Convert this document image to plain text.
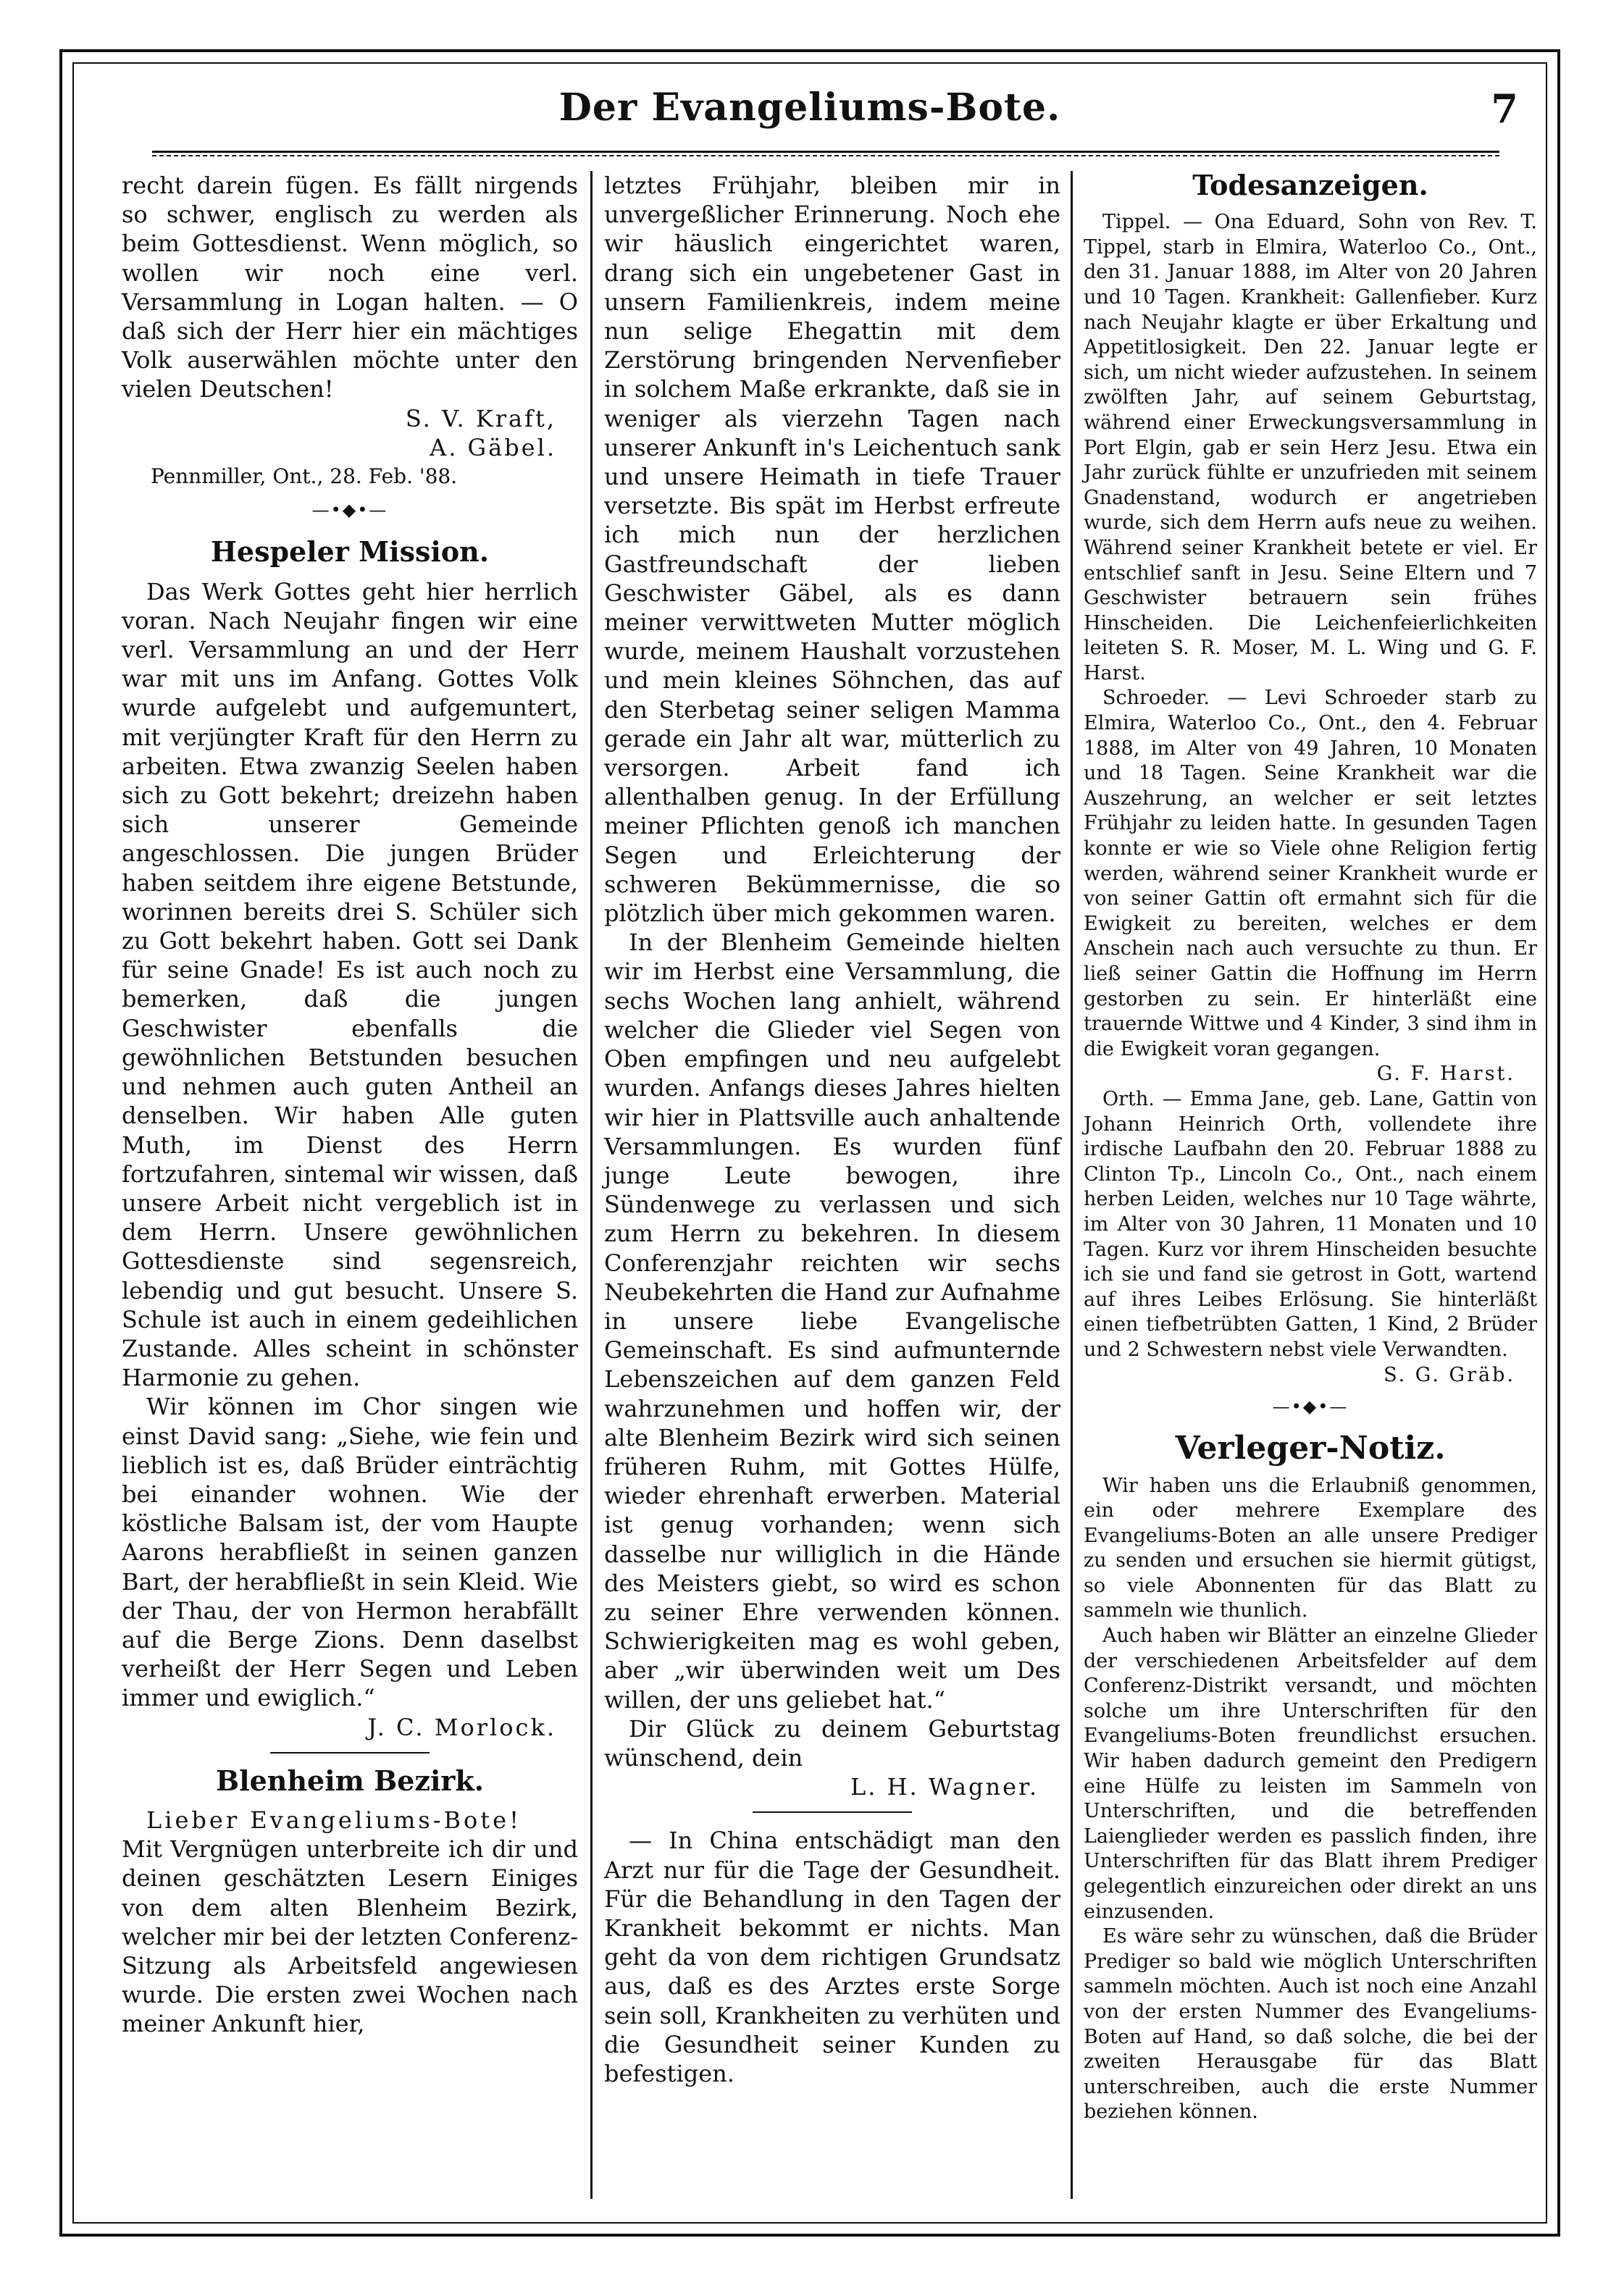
Der Evangeliums-Bote.	7

recht darein fügen. Es fällt nirgends so schwer, englisch zu werden als beim Gottesdienst. Wenn möglich, so wollen wir noch eine verl. Versammlung in Logan halten. — O daß sich der Herr hier ein mächtiges Volk auserwählen möchte unter den vielen Deutschen!

S. V. Kraft,
A. Gäbel.
Pennmiller, Ont., 28. Feb. '88.
—•◆•—
Hespeler Mission.

Das Werk Gottes geht hier herrlich voran. Nach Neujahr fingen wir eine verl. Versammlung an und der Herr war mit uns im Anfang. Gottes Volk wurde aufgelebt und aufgemuntert, mit verjüngter Kraft für den Herrn zu arbeiten. Etwa zwanzig Seelen haben sich zu Gott bekehrt; dreizehn haben sich unserer Gemeinde angeschlossen. Die jungen Brüder haben seitdem ihre eigene Betstunde, worinnen bereits drei S. Schüler sich zu Gott bekehrt haben. Gott sei Dank für seine Gnade! Es ist auch noch zu bemerken, daß die jungen Geschwister ebenfalls die gewöhnlichen Betstunden besuchen und nehmen auch guten Antheil an denselben. Wir haben Alle guten Muth, im Dienst des Herrn fortzufahren, sintemal wir wissen, daß unsere Arbeit nicht vergeblich ist in dem Herrn. Unsere gewöhnlichen Gottesdienste sind segensreich, lebendig und gut besucht. Unsere S. Schule ist auch in einem gedeihlichen Zustande. Alles scheint in schönster Harmonie zu gehen.

Wir können im Chor singen wie einst David sang: „Siehe, wie fein und lieblich ist es, daß Brüder einträchtig bei einander wohnen. Wie der köstliche Balsam ist, der vom Haupte Aarons herabfließt in seinen ganzen Bart, der herabfließt in sein Kleid. Wie der Thau, der von Hermon herabfällt auf die Berge Zions. Denn daselbst verheißt der Herr Segen und Leben immer und ewiglich.“

J. C. Morlock.
Blenheim Bezirk.

Lieber Evangeliums-Bote!

Mit Vergnügen unterbreite ich dir und deinen geschätzten Lesern Einiges von dem alten Blenheim Bezirk, welcher mir bei der letzten Conferenz-Sitzung als Arbeitsfeld angewiesen wurde. Die ersten zwei Wochen nach meiner Ankunft hier,

letztes Frühjahr, bleiben mir in unvergeßlicher Erinnerung. Noch ehe wir häuslich eingerichtet waren, drang sich ein ungebetener Gast in unsern Familienkreis, indem meine nun selige Ehegattin mit dem Zerstörung bringenden Nervenfieber in solchem Maße erkrankte, daß sie in weniger als vierzehn Tagen nach unserer Ankunft in's Leichentuch sank und unsere Heimath in tiefe Trauer versetzte. Bis spät im Herbst erfreute ich mich nun der herzlichen Gastfreundschaft der lieben Geschwister Gäbel, als es dann meiner verwittweten Mutter möglich wurde, meinem Haushalt vorzustehen und mein kleines Söhnchen, das auf den Sterbetag seiner seligen Mamma gerade ein Jahr alt war, mütterlich zu versorgen. Arbeit fand ich allenthalben genug. In der Erfüllung meiner Pflichten genoß ich manchen Segen und Erleichterung der schweren Bekümmernisse, die so plötzlich über mich gekommen waren.

In der Blenheim Gemeinde hielten wir im Herbst eine Versammlung, die sechs Wochen lang anhielt, während welcher die Glieder viel Segen von Oben empfingen und neu aufgelebt wurden. Anfangs dieses Jahres hielten wir hier in Plattsville auch anhaltende Versammlungen. Es wurden fünf junge Leute bewogen, ihre Sündenwege zu verlassen und sich zum Herrn zu bekehren. In diesem Conferenzjahr reichten wir sechs Neubekehrten die Hand zur Aufnahme in unsere liebe Evangelische Gemeinschaft. Es sind aufmunternde Lebenszeichen auf dem ganzen Feld wahrzunehmen und hoffen wir, der alte Blenheim Bezirk wird sich seinen früheren Ruhm, mit Gottes Hülfe, wieder ehrenhaft erwerben. Material ist genug vorhanden; wenn sich dasselbe nur williglich in die Hände des Meisters giebt, so wird es schon zu seiner Ehre verwenden können. Schwierigkeiten mag es wohl geben, aber „wir überwinden weit um Des willen, der uns geliebet hat.“

Dir Glück zu deinem Geburtstag wünschend, dein

L. H. Wagner.

— In China entschädigt man den Arzt nur für die Tage der Gesundheit. Für die Behandlung in den Tagen der Krankheit bekommt er nichts. Man geht da von dem richtigen Grundsatz aus, daß es des Arztes erste Sorge sein soll, Krankheiten zu verhüten und die Gesundheit seiner Kunden zu befestigen.

Todesanzeigen.

Tippel. — Ona Eduard, Sohn von Rev. T. Tippel, starb in Elmira, Waterloo Co., Ont., den 31. Januar 1888, im Alter von 20 Jahren und 10 Tagen. Krankheit: Gallenfieber. Kurz nach Neujahr klagte er über Erkaltung und Appetitlosigkeit. Den 22. Januar legte er sich, um nicht wieder aufzustehen. In seinem zwölften Jahr, auf seinem Geburtstag, während einer Erweckungsversammlung in Port Elgin, gab er sein Herz Jesu. Etwa ein Jahr zurück fühlte er unzufrieden mit seinem Gnadenstand, wodurch er angetrieben wurde, sich dem Herrn aufs neue zu weihen. Während seiner Krankheit betete er viel. Er entschlief sanft in Jesu. Seine Eltern und 7 Geschwister betrauern sein frühes Hinscheiden. Die Leichenfeierlichkeiten leiteten S. R. Moser, M. L. Wing und G. F. Harst.

Schroeder. — Levi Schroeder starb zu Elmira, Waterloo Co., Ont., den 4. Februar 1888, im Alter von 49 Jahren, 10 Monaten und 18 Tagen. Seine Krankheit war die Auszehrung, an welcher er seit letztes Frühjahr zu leiden hatte. In gesunden Tagen konnte er wie so Viele ohne Religion fertig werden, während seiner Krankheit wurde er von seiner Gattin oft ermahnt sich für die Ewigkeit zu bereiten, welches er dem Anschein nach auch versuchte zu thun. Er ließ seiner Gattin die Hoffnung im Herrn gestorben zu sein. Er hinterläßt eine trauernde Wittwe und 4 Kinder, 3 sind ihm in die Ewigkeit voran gegangen.

G. F. Harst.

Orth. — Emma Jane, geb. Lane, Gattin von Johann Heinrich Orth, vollendete ihre irdische Laufbahn den 20. Februar 1888 zu Clinton Tp., Lincoln Co., Ont., nach einem herben Leiden, welches nur 10 Tage währte, im Alter von 30 Jahren, 11 Monaten und 10 Tagen. Kurz vor ihrem Hinscheiden besuchte ich sie und fand sie getrost in Gott, wartend auf ihres Leibes Erlösung. Sie hinterläßt einen tiefbetrübten Gatten, 1 Kind, 2 Brüder und 2 Schwestern nebst viele Verwandten.

S. G. Gräb.
—•◆•—
Verleger-Notiz.

Wir haben uns die Erlaubniß genommen, ein oder mehrere Exemplare des Evangeliums-Boten an alle unsere Prediger zu senden und ersuchen sie hiermit gütigst, so viele Abonnenten für das Blatt zu sammeln wie thunlich.

Auch haben wir Blätter an einzelne Glieder der verschiedenen Arbeitsfelder auf dem Conferenz-Distrikt versandt, und möchten solche um ihre Unterschriften für den Evangeliums-Boten freundlichst ersuchen. Wir haben dadurch gemeint den Predigern eine Hülfe zu leisten im Sammeln von Unterschriften, und die betreffenden Laienglieder werden es passlich finden, ihre Unterschriften für das Blatt ihrem Prediger gelegentlich einzureichen oder direkt an uns einzusenden.

Es wäre sehr zu wünschen, daß die Brüder Prediger so bald wie möglich Unterschriften sammeln möchten. Auch ist noch eine Anzahl von der ersten Nummer des Evangeliums-Boten auf Hand, so daß solche, die bei der zweiten Herausgabe für das Blatt unterschreiben, auch die erste Nummer beziehen können.
